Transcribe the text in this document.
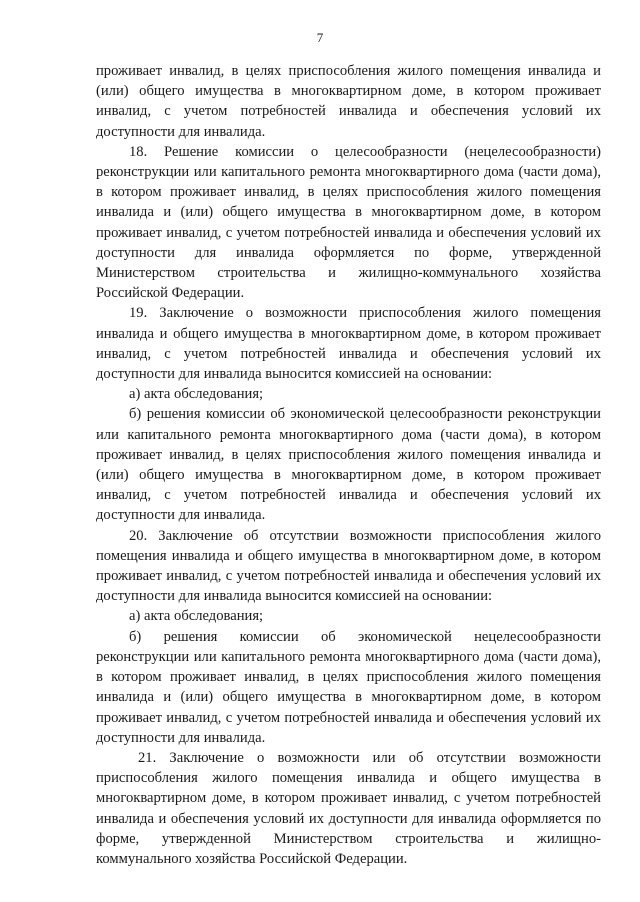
7

проживает инвалид, в целях приспособления жилого помещения инвалида и (или) общего имущества в многоквартирном доме, в котором проживает инвалид, с учетом потребностей инвалида и обеспечения условий их доступности для инвалида.

18. Решение комиссии о целесообразности (нецелесообразности) реконструкции или капитального ремонта многоквартирного дома (части дома), в котором проживает инвалид, в целях приспособления жилого помещения инвалида и (или) общего имущества в многоквартирном доме, в котором проживает инвалид, с учетом потребностей инвалида и обеспечения условий их доступности для инвалида оформляется по форме, утвержденной Министерством строительства и жилищно-коммунального хозяйства Российской Федерации.

19. Заключение о возможности приспособления жилого помещения инвалида и общего имущества в многоквартирном доме, в котором проживает инвалид, с учетом потребностей инвалида и обеспечения условий их доступности для инвалида выносится комиссией на основании:

а) акта обследования;

б) решения комиссии об экономической целесообразности реконструкции или капитального ремонта многоквартирного дома (части дома), в котором проживает инвалид, в целях приспособления жилого помещения инвалида и (или) общего имущества в многоквартирном доме, в котором проживает инвалид, с учетом потребностей инвалида и обеспечения условий их доступности для инвалида.

20. Заключение об отсутствии возможности приспособления жилого помещения инвалида и общего имущества в многоквартирном доме, в котором проживает инвалид, с учетом потребностей инвалида и обеспечения условий их доступности для инвалида выносится комиссией на основании:

а) акта обследования;

б) решения комиссии об экономической нецелесообразности реконструкции или капитального ремонта многоквартирного дома (части дома), в котором проживает инвалид, в целях приспособления жилого помещения инвалида и (или) общего имущества в многоквартирном доме, в котором проживает инвалид, с учетом потребностей инвалида и обеспечения условий их доступности для инвалида.

21. Заключение о возможности или об отсутствии возможности приспособления жилого помещения инвалида и общего имущества в многоквартирном доме, в котором проживает инвалид, с учетом потребностей инвалида и обеспечения условий их доступности для инвалида оформляется по форме, утвержденной Министерством строительства и жилищно-коммунального хозяйства Российской Федерации.
